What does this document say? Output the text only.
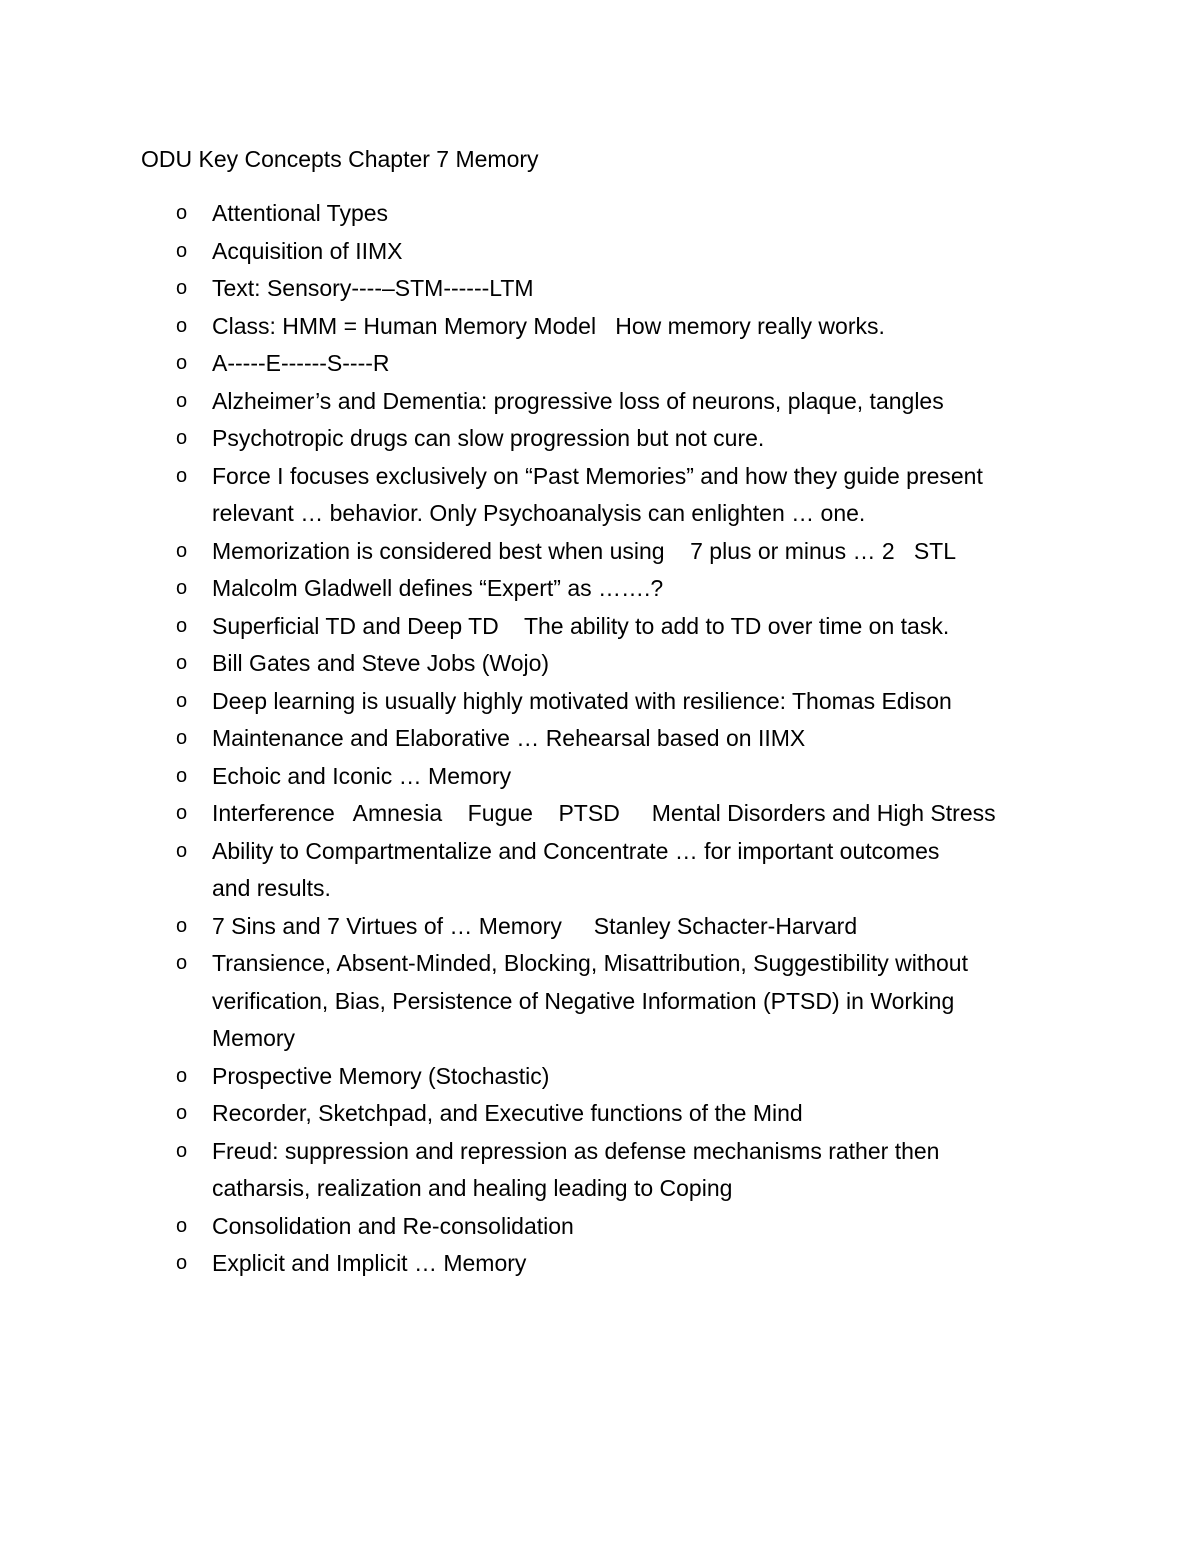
ODU Key Concepts Chapter 7 Memory
o Attentional Types
o Acquisition of IIMX
o Text: Sensory----–STM------LTM
o Class: HMM = Human Memory Model   How memory really works.
o A-----E------S----R
o Alzheimer’s and Dementia: progressive loss of neurons, plaque, tangles
o Psychotropic drugs can slow progression but not cure.
o Force I focuses exclusively on “Past Memories” and how they guide present
relevant … behavior. Only Psychoanalysis can enlighten … one.
o Memorization is considered best when using    7 plus or minus … 2   STL
o Malcolm Gladwell defines “Expert” as …….?
o Superficial TD and Deep TD    The ability to add to TD over time on task.
o Bill Gates and Steve Jobs (Wojo)
o Deep learning is usually highly motivated with resilience: Thomas Edison
o Maintenance and Elaborative … Rehearsal based on IIMX
o Echoic and Iconic … Memory
o Interference   Amnesia    Fugue    PTSD     Mental Disorders and High Stress
o Ability to Compartmentalize and Concentrate … for important outcomes
and results.
o 7 Sins and 7 Virtues of … Memory     Stanley Schacter-Harvard
o Transience, Absent-Minded, Blocking, Misattribution, Suggestibility without
verification, Bias, Persistence of Negative Information (PTSD) in Working
Memory
o Prospective Memory (Stochastic)
o Recorder, Sketchpad, and Executive functions of the Mind
o Freud: suppression and repression as defense mechanisms rather then
catharsis, realization and healing leading to Coping
o Consolidation and Re-consolidation
o Explicit and Implicit … Memory
